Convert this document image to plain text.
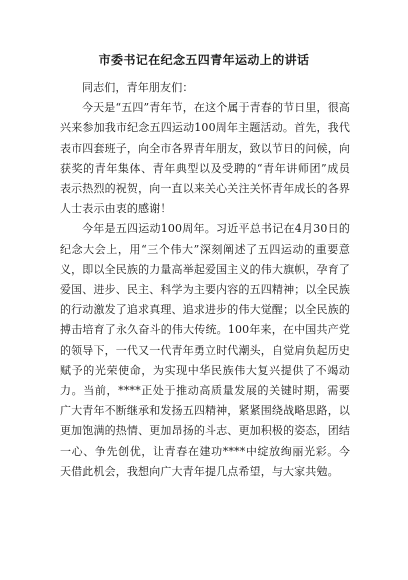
市委书记在纪念五四青年运动上的讲话

同志们，青年朋友们：

今天是“五四”青年节，在这个属于青春的节日里，很高兴来参加我市纪念五四运动100周年主题活动。首先，我代表市四套班子，向全市各界青年朋友，致以节日的问候，向获奖的青年集体、青年典型以及受聘的“青年讲师团”成员表示热烈的祝贺，向一直以来关心关注关怀青年成长的各界人士表示由衷的感谢！

今年是五四运动100周年。习近平总书记在4月30日的纪念大会上，用“三个伟大”深刻阐述了五四运动的重要意义，即以全民族的力量高举起爱国主义的伟大旗帜，孕育了爱国、进步、民主、科学为主要内容的五四精神；以全民族的行动激发了追求真理、追求进步的伟大觉醒；以全民族的搏击培育了永久奋斗的伟大传统。100年来，在中国共产党的领导下，一代又一代青年勇立时代潮头，自觉肩负起历史赋予的光荣使命，为实现中华民族伟大复兴提供了不竭动力。当前，****正处于推动高质量发展的关键时期，需要广大青年不断继承和发扬五四精神，紧紧围绕战略思路，以更加饱满的热情、更加昂扬的斗志、更加积极的姿态，团结一心、争先创优，让青春在建功****中绽放绚丽光彩。今天借此机会，我想向广大青年提几点希望，与大家共勉。
